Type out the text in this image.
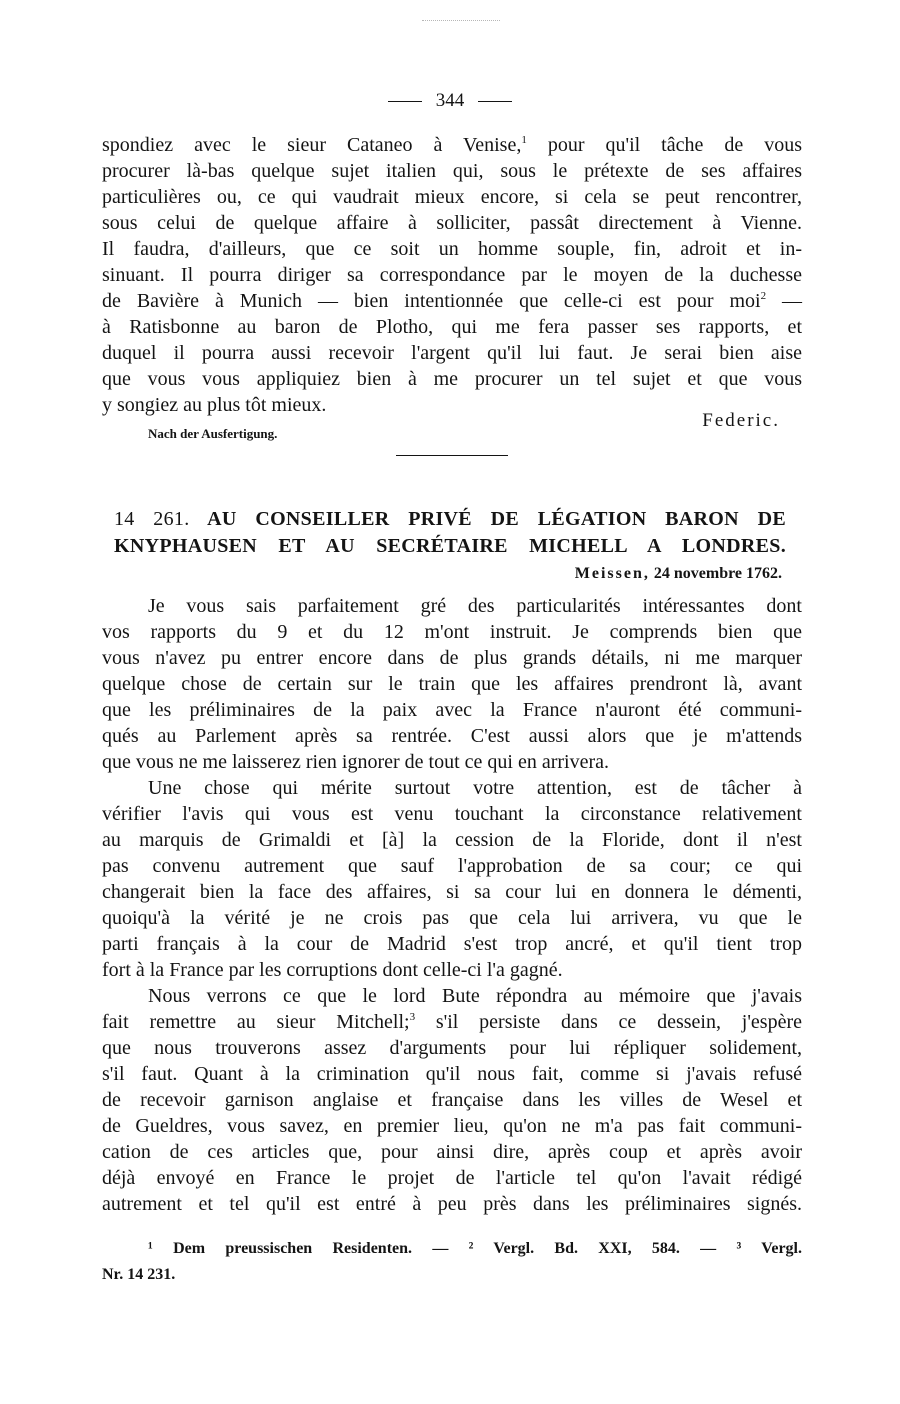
344
spondiez avec le sieur Cataneo à Venise,$^1$ pour qu'il tâche de vous
procurer là-bas quelque sujet italien qui, sous le prétexte de ses affaires
particulières ou, ce qui vaudrait mieux encore, si cela se peut rencontrer,
sous celui de quelque affaire à solliciter, passât directement à Vienne.
Il faudra, d'ailleurs, que ce soit un homme souple, fin, adroit et in-
sinuant. Il pourra diriger sa correspondance par le moyen de la duchesse
de Bavière à Munich — bien intentionnée que celle-ci est pour moi$^2$ —
à Ratisbonne au baron de Plotho, qui me fera passer ses rapports, et
duquel il pourra aussi recevoir l'argent qu'il lui faut. Je serai bien aise
que vous vous appliquiez bien à me procurer un tel sujet et que vous
y songiez au plus tôt mieux.
Federic.
Nach der Ausfertigung.
14 261. AU CONSEILLER PRIVÉ DE LÉGATION BARON DE
KNYPHAUSEN ET AU SECRÉTAIRE MICHELL A LONDRES.
Meissen, 24 novembre 1762.
Je vous sais parfaitement gré des particularités intéressantes dont
vos rapports du 9 et du 12 m'ont instruit. Je comprends bien que
vous n'avez pu entrer encore dans de plus grands détails, ni me marquer
quelque chose de certain sur le train que les affaires prendront là, avant
que les préliminaires de la paix avec la France n'auront été communi-
qués au Parlement après sa rentrée. C'est aussi alors que je m'attends
que vous ne me laisserez rien ignorer de tout ce qui en arrivera.
Une chose qui mérite surtout votre attention, est de tâcher à
vérifier l'avis qui vous est venu touchant la circonstance relativement
au marquis de Grimaldi et [à] la cession de la Floride, dont il n'est
pas convenu autrement que sauf l'approbation de sa cour; ce qui
changerait bien la face des affaires, si sa cour lui en donnera le démenti,
quoiqu'à la vérité je ne crois pas que cela lui arrivera, vu que le
parti français à la cour de Madrid s'est trop ancré, et qu'il tient trop
fort à la France par les corruptions dont celle-ci l'a gagné.
Nous verrons ce que le lord Bute répondra au mémoire que j'avais
fait remettre au sieur Mitchell;$^3$ s'il persiste dans ce dessein, j'espère
que nous trouverons assez d'arguments pour lui répliquer solidement,
s'il faut. Quant à la crimination qu'il nous fait, comme si j'avais refusé
de recevoir garnison anglaise et française dans les villes de Wesel et
de Gueldres, vous savez, en premier lieu, qu'on ne m'a pas fait communi-
cation de ces articles que, pour ainsi dire, après coup et après avoir
déjà envoyé en France le projet de l'article tel qu'on l'avait rédigé
autrement et tel qu'il est entré à peu près dans les préliminaires signés.
¹ Dem preussischen Residenten. — ² Vergl. Bd. XXI, 584. — ³ Vergl.
Nr. 14 231.
